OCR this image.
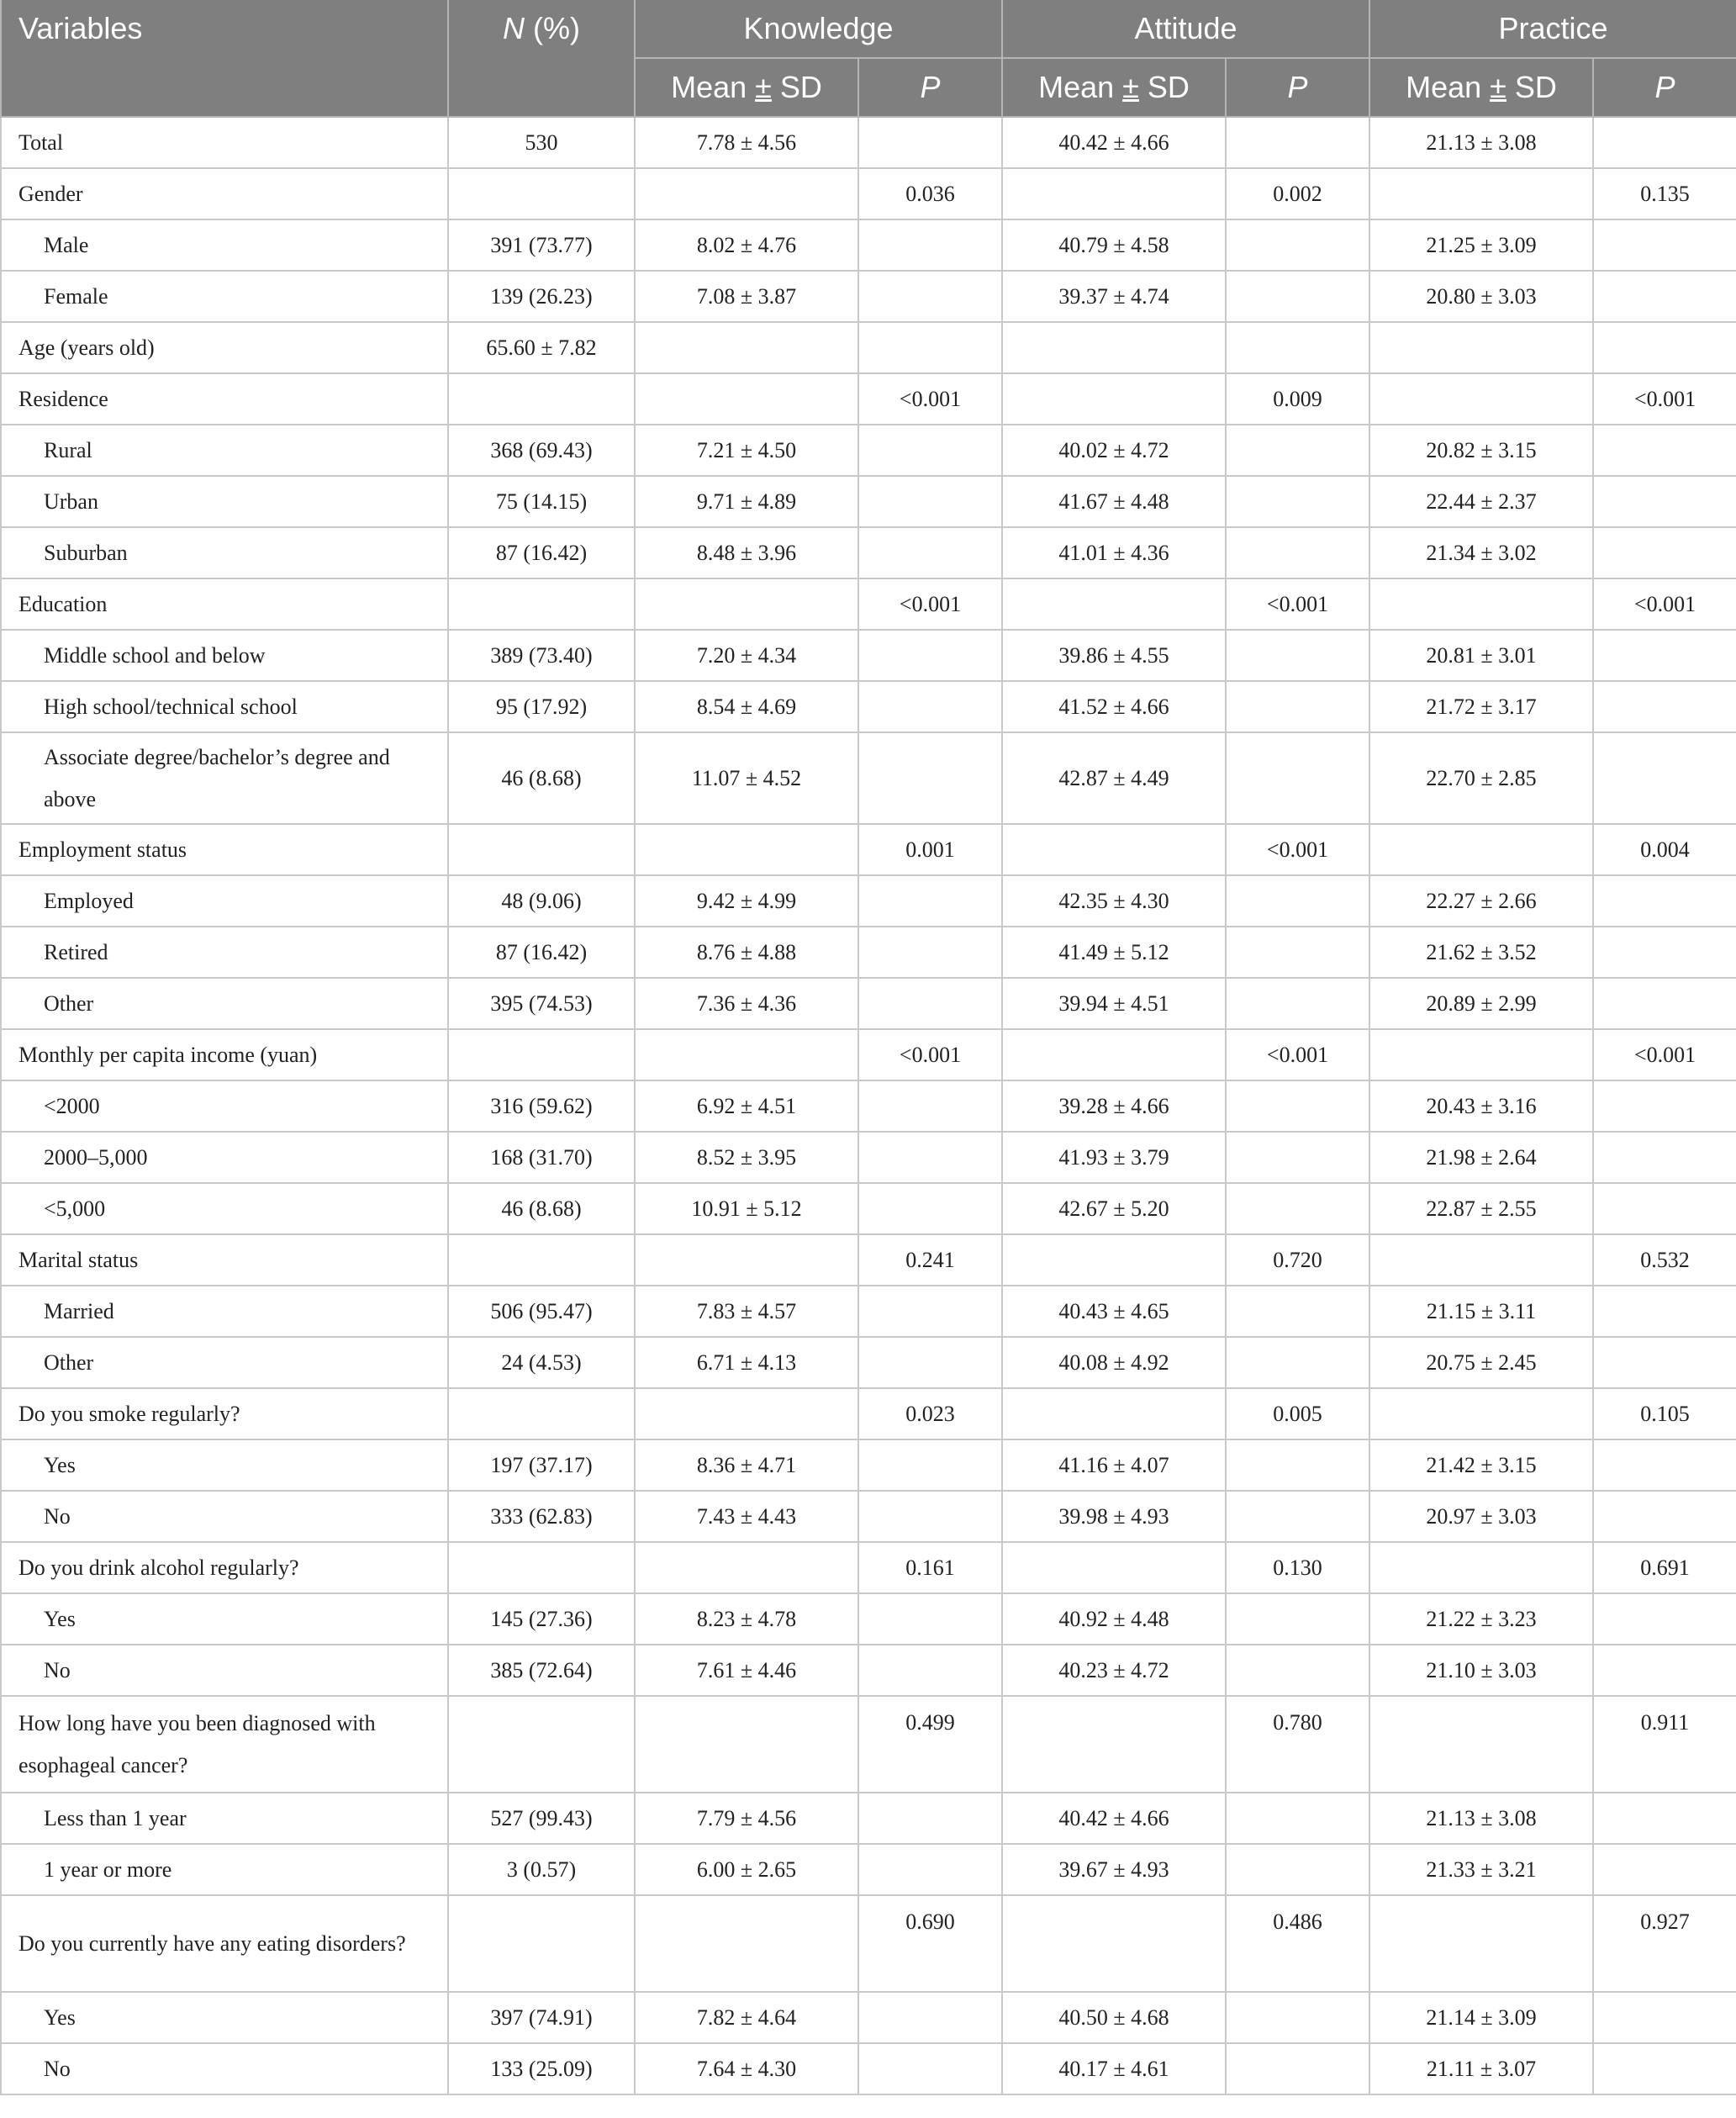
Variables	N (%)	Knowledge		Attitude		Practice	
		Mean ± SD	P	Mean ± SD	P	Mean ± SD	P
Total	530	7.78 ± 4.56		40.42 ± 4.66		21.13 ± 3.08	
Gender			0.036		0.002		0.135
Male	391 (73.77)	8.02 ± 4.76		40.79 ± 4.58		21.25 ± 3.09	
Female	139 (26.23)	7.08 ± 3.87		39.37 ± 4.74		20.80 ± 3.03	
Age (years old)	65.60 ± 7.82						
Residence			<0.001		0.009		<0.001
Rural	368 (69.43)	7.21 ± 4.50		40.02 ± 4.72		20.82 ± 3.15	
Urban	75 (14.15)	9.71 ± 4.89		41.67 ± 4.48		22.44 ± 2.37	
Suburban	87 (16.42)	8.48 ± 3.96		41.01 ± 4.36		21.34 ± 3.02	
Education			<0.001		<0.001		<0.001
Middle school and below	389 (73.40)	7.20 ± 4.34		39.86 ± 4.55		20.81 ± 3.01	
High school/technical school	95 (17.92)	8.54 ± 4.69		41.52 ± 4.66		21.72 ± 3.17	
Associate degree/bachelor’s degree and above	46 (8.68)	11.07 ± 4.52		42.87 ± 4.49		22.70 ± 2.85	
Employment status			0.001		<0.001		0.004
Employed	48 (9.06)	9.42 ± 4.99		42.35 ± 4.30		22.27 ± 2.66	
Retired	87 (16.42)	8.76 ± 4.88		41.49 ± 5.12		21.62 ± 3.52	
Other	395 (74.53)	7.36 ± 4.36		39.94 ± 4.51		20.89 ± 2.99	
Monthly per capita income (yuan)			<0.001		<0.001		<0.001
<2000	316 (59.62)	6.92 ± 4.51		39.28 ± 4.66		20.43 ± 3.16	
2000–5,000	168 (31.70)	8.52 ± 3.95		41.93 ± 3.79		21.98 ± 2.64	
<5,000	46 (8.68)	10.91 ± 5.12		42.67 ± 5.20		22.87 ± 2.55	
Marital status			0.241		0.720		0.532
Married	506 (95.47)	7.83 ± 4.57		40.43 ± 4.65		21.15 ± 3.11	
Other	24 (4.53)	6.71 ± 4.13		40.08 ± 4.92		20.75 ± 2.45	
Do you smoke regularly?			0.023		0.005		0.105
Yes	197 (37.17)	8.36 ± 4.71		41.16 ± 4.07		21.42 ± 3.15	
No	333 (62.83)	7.43 ± 4.43		39.98 ± 4.93		20.97 ± 3.03	
Do you drink alcohol regularly?			0.161		0.130		0.691
Yes	145 (27.36)	8.23 ± 4.78		40.92 ± 4.48		21.22 ± 3.23	
No	385 (72.64)	7.61 ± 4.46		40.23 ± 4.72		21.10 ± 3.03	
How long have you been diagnosed with esophageal cancer?			0.499		0.780		0.911
Less than 1 year	527 (99.43)	7.79 ± 4.56		40.42 ± 4.66		21.13 ± 3.08	
1 year or more	3 (0.57)	6.00 ± 2.65		39.67 ± 4.93		21.33 ± 3.21	
Do you currently have any eating disorders?			0.690		0.486		0.927
Yes	397 (74.91)	7.82 ± 4.64		40.50 ± 4.68		21.14 ± 3.09	
No	133 (25.09)	7.64 ± 4.30		40.17 ± 4.61		21.11 ± 3.07	
